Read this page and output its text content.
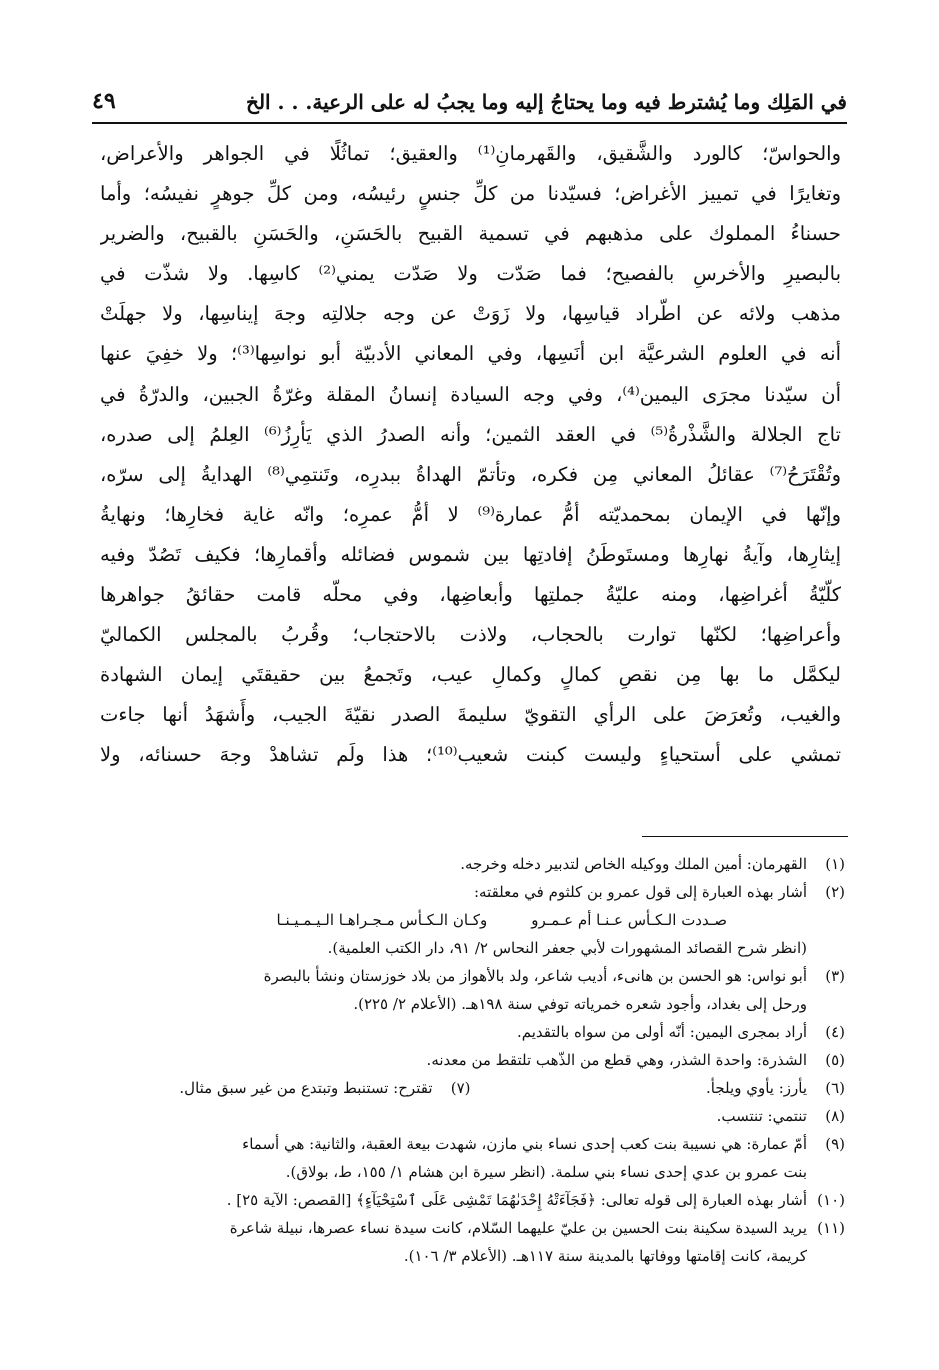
في المَلِك وما يُشترط فيه وما يحتاجُ إليه وما يجبُ له على الرعية. . . الخ
٤٩
والحواسّ؛ كالورد والشَّقيق، والقَهرمانِ⁽¹⁾ والعقيق؛ تماثُلًا في الجواهر والأعراض،
وتغايرًا في تمييز الأغراض؛ فسيّدنا من كلِّ جنسٍ رئيسُه، ومن كلِّ جوهرٍ نفيسُه؛ وأما
حسناءُ المملوك على مذهبهم في تسمية القبيح بالحَسَنِ، والحَسَنِ بالقبيح، والضرير
بالبصيرِ والأخرسِ بالفصيح؛ فما صَدّت ولا صَدّت يمني⁽²⁾ كاسِها. ولا شذّت في
مذهب ولائه عن اطّراد قياسِها، ولا زَوَتْ عن وجه جلالتِه وجهَ إيناسِها، ولا جهلَتْ
أنه في العلوم الشرعيَّة ابن أنَسِها، وفي المعاني الأدبيّة أبو نواسِها⁽³⁾؛ ولا خفِيَ عنها
أن سيّدنا مجرَى اليمين⁽⁴⁾، وفي وجه السيادة إنسانُ المقلة وغرّةُ الجبين، والدرّةُ في
تاج الجلالة والشَّذْرةُ⁽⁵⁾ في العقد الثمين؛ وأنه الصدرُ الذي يَأرِزُ⁽⁶⁾ العِلمُ إلى صدره،
وتُقْتَرَحُ⁽⁷⁾ عقائلُ المعاني مِن فكره، وتأتمّ الهداةُ ببدرِه، وتَنتمِي⁽⁸⁾ الهدايةُ إلى سرّه،
وإنّها في الإيمان بمحمديّته أمُّ عمارة⁽⁹⁾ لا أمُّ عمرِه؛ وانّه غاية فخارِها؛ ونهايةُ
إيثارِها، وآيةُ نهارِها ومستَوطَنُ إفادتِها بين شموس فضائله وأقمارِها؛ فكيف تَصُدّ وفيه
كلّيّةُ أغراضِها، ومنه عليّةُ جملتِها وأبعاضِها، وفي محلّه قامت حقائقُ جواهرها
وأعراضِها؛ لكنّها توارت بالحجاب، ولاذت بالاحتجاب؛ وقُربُ بالمجلس الكماليّ
ليكمَّل ما بها مِن نقصِ كمالٍ وكمالِ عيب، وتَجمعُ بين حقيقتَي إيمان الشهادة
والغيب، وتُعرَضَ على الرأي التقويّ سليمةَ الصدر نقيّةَ الجيب، وأَشهَدُ أنها جاءت
تمشي على أستحياءٍ وليست كبنت شعيب⁽¹⁰⁾؛ هذا ولَم تشاهدْ وجهَ حسنائه، ولا
(١)
القهرمان: أمين الملك ووكيله الخاص لتدبير دخله وخرجه.
(٢)
أشار بهذه العبارة إلى قول عمرو بن كلثوم في معلقته:
صـددت الـكـأس عـنـا أم عـمـرو
وكـان الـكـأس مـجـراهـا الـيـمـيـنـا
(انظر شرح القصائد المشهورات لأبي جعفر النحاس ٢/ ٩١، دار الكتب العلمية).
(٣)
أبو نواس: هو الحسن بن هانىء، أديب شاعر، ولد بالأهواز من بلاد خوزستان ونشأ بالبصرة
ورحل إلى بغداد، وأجود شعره خمرياته توفي سنة ١٩٨هـ. (الأعلام ٢/ ٢٢٥).
(٤)
أراد بمجرى اليمين: أنّه أولى من سواه بالتقديم.
(٥)
الشذرة: واحدة الشذر، وهي قطع من الذّهب تلتقط من معدنه.
(٦)
يأرز: يأوي ويلجأ.
(٧)
تقترح: تستنبط وتبتدع من غير سبق مثال.
(٨)
تنتمي: تنتسب.
(٩)
أمّ عمارة: هي نسيبة بنت كعب إحدى نساء بني مازن، شهدت بيعة العقبة، والثانية: هي أسماء
بنت عمرو بن عدي إحدى نساء بني سلمة. (انظر سيرة ابن هشام ١/ ١٥٥، ط، بولاق).
(١٠)
أشار بهذه العبارة إلى قوله تعالى: ﴿فَجَآءَتْهُ إِحْدَىٰهُمَا تَمْشِى عَلَى ٱسْتِحْيَآءٍ﴾ [القصص: الآية ٢٥] .
(١١)
يريد السيدة سكينة بنت الحسين بن عليّ عليهما السّلام، كانت سيدة نساء عصرها، نبيلة شاعرة
كريمة، كانت إقامتها ووفاتها بالمدينة سنة ١١٧هـ. (الأعلام ٣/ ١٠٦).
